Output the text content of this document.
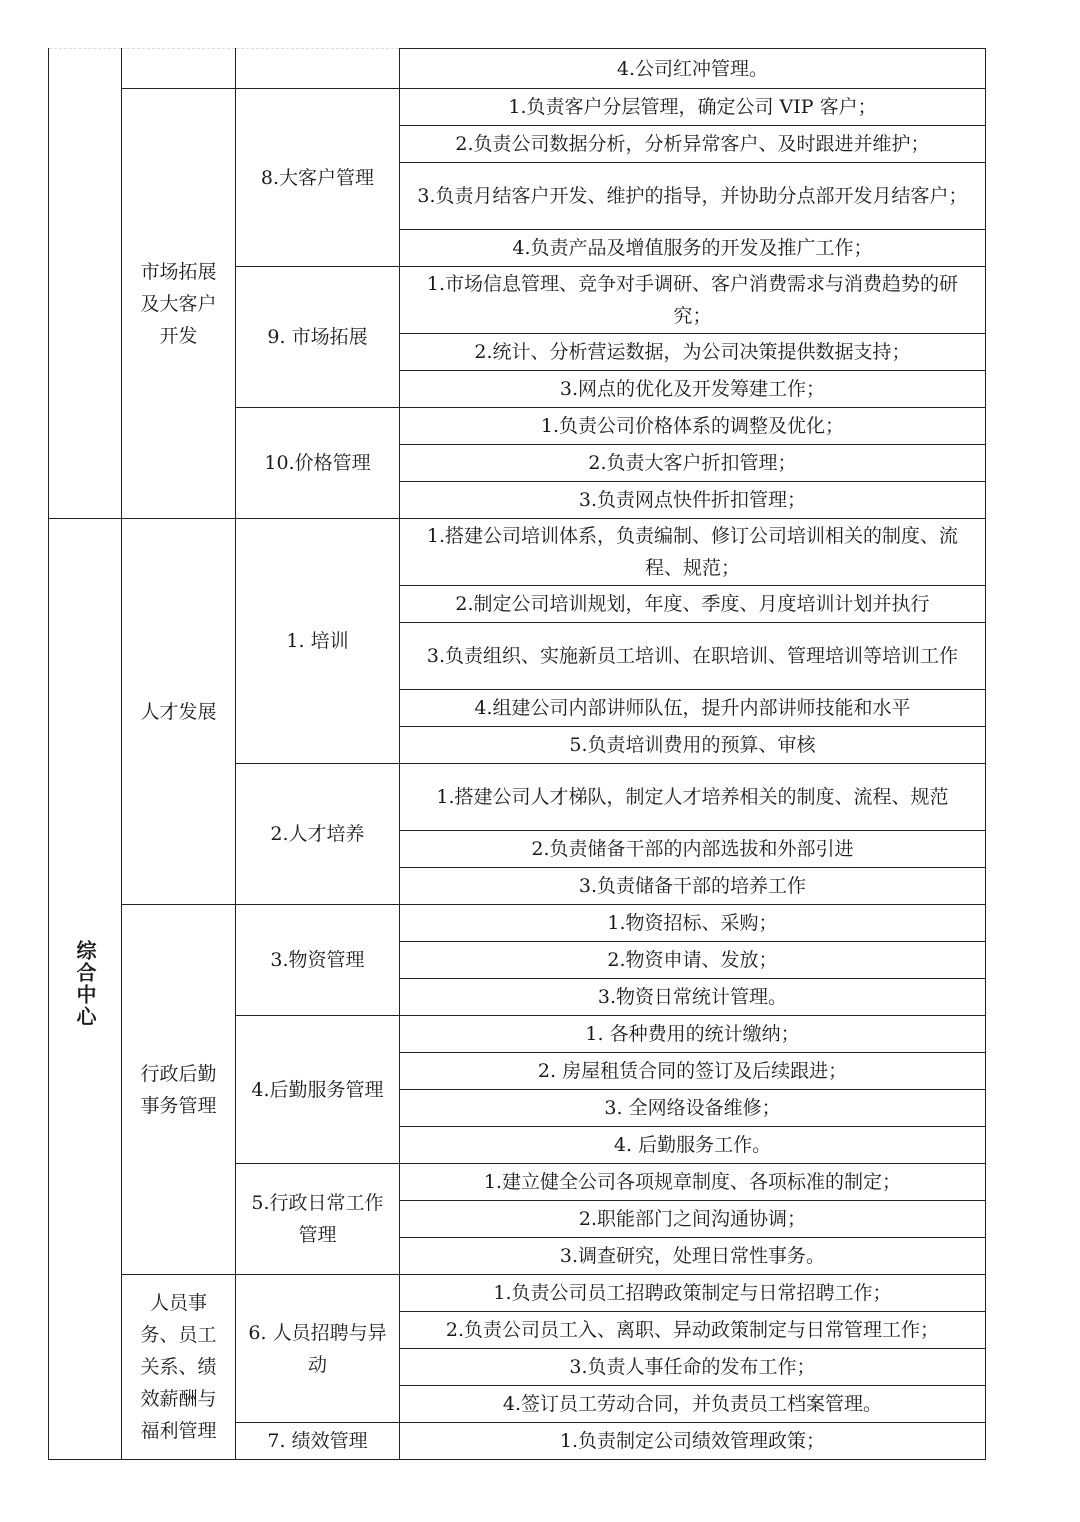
			4.公司红冲管理。
	市场拓展及大客户开发	8.大客户管理	1.负责客户分层管理，确定公司 VIP 客户；
			2.负责公司数据分析，分析异常客户、及时跟进并维护；
			3.负责月结客户开发、维护的指导，并协助分点部开发月结客户；
			4.负责产品及增值服务的开发及推广工作；
		9. 市场拓展	1.市场信息管理、竞争对手调研、客户消费需求与消费趋势的研究；
			2.统计、分析营运数据，为公司决策提供数据支持；
			3.网点的优化及开发筹建工作；
		10.价格管理	1.负责公司价格体系的调整及优化；
			2.负责大客户折扣管理；
			3.负责网点快件折扣管理；
综合中心	人才发展	1. 培训	1.搭建公司培训体系，负责编制、修订公司培训相关的制度、流程、规范；
			2.制定公司培训规划，年度、季度、月度培训计划并执行
			3.负责组织、实施新员工培训、在职培训、管理培训等培训工作
			4.组建公司内部讲师队伍，提升内部讲师技能和水平
			5.负责培训费用的预算、审核
		2.人才培养	1.搭建公司人才梯队，制定人才培养相关的制度、流程、规范
			2.负责储备干部的内部选拔和外部引进
			3.负责储备干部的培养工作
	行政后勤事务管理	3.物资管理	1.物资招标、采购；
			2.物资申请、发放；
			3.物资日常统计管理。
		4.后勤服务管理	1. 各种费用的统计缴纳；
			2. 房屋租赁合同的签订及后续跟进；
			3. 全网络设备维修；
			4. 后勤服务工作。
		5.行政日常工作管理	1.建立健全公司各项规章制度、各项标准的制定；
			2.职能部门之间沟通协调；
			3.调查研究，处理日常性事务。
	人员事务、员工关系、绩效薪酬与福利管理	6. 人员招聘与异动	1.负责公司员工招聘政策制定与日常招聘工作；
			2.负责公司员工入、离职、异动政策制定与日常管理工作；
			3.负责人事任命的发布工作；
			4.签订员工劳动合同，并负责员工档案管理。
		7. 绩效管理	1.负责制定公司绩效管理政策；
